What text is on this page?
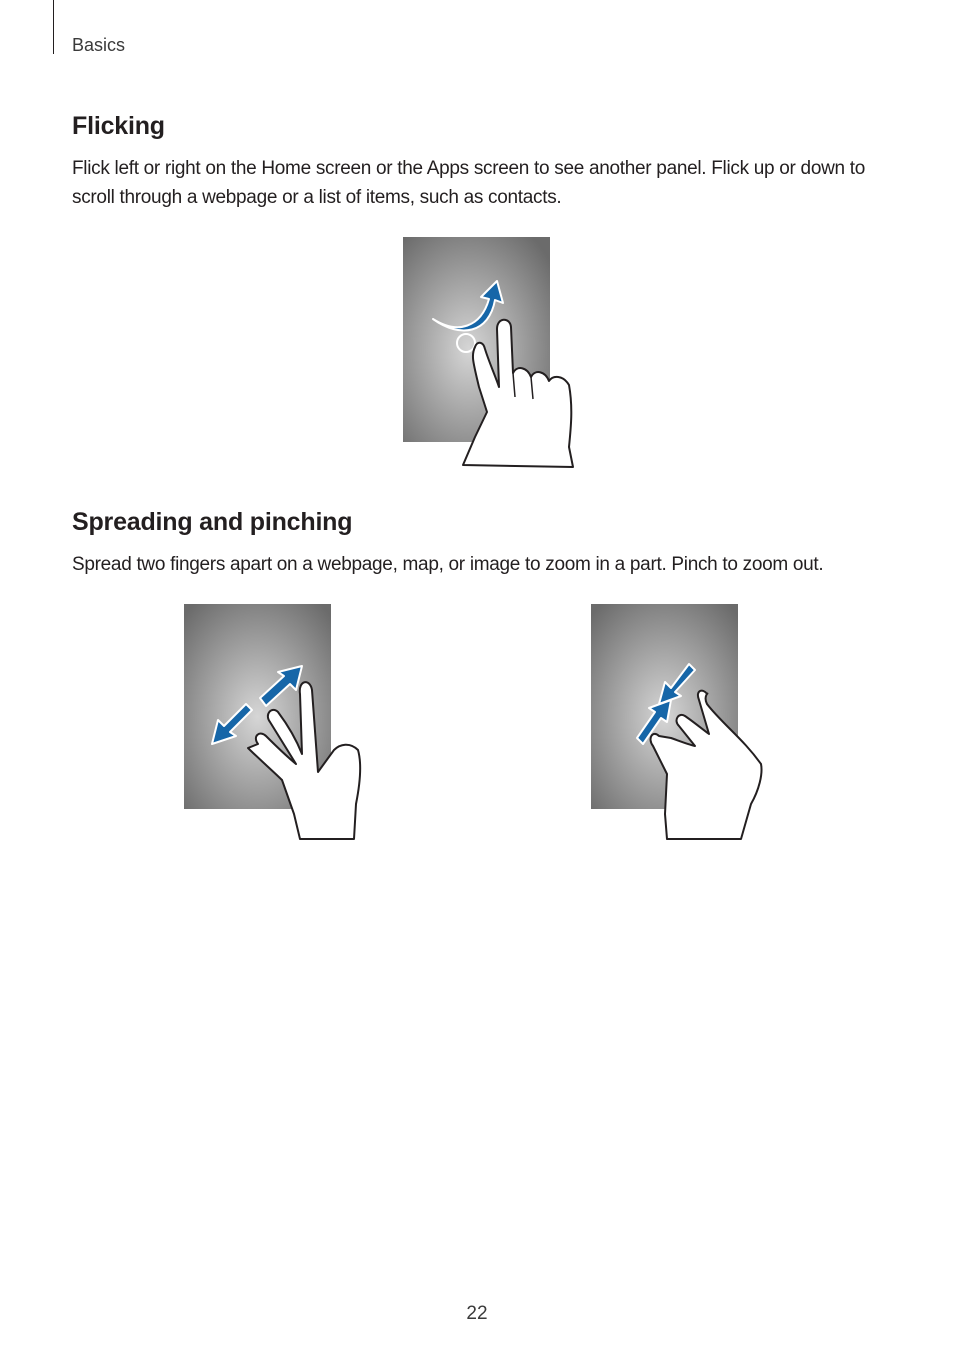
Basics
Flicking
Flick left or right on the Home screen or the Apps screen to see another panel. Flick up or down to scroll through a webpage or a list of items, such as contacts.
Spreading and pinching
Spread two fingers apart on a webpage, map, or image to zoom in a part. Pinch to zoom out.
22
